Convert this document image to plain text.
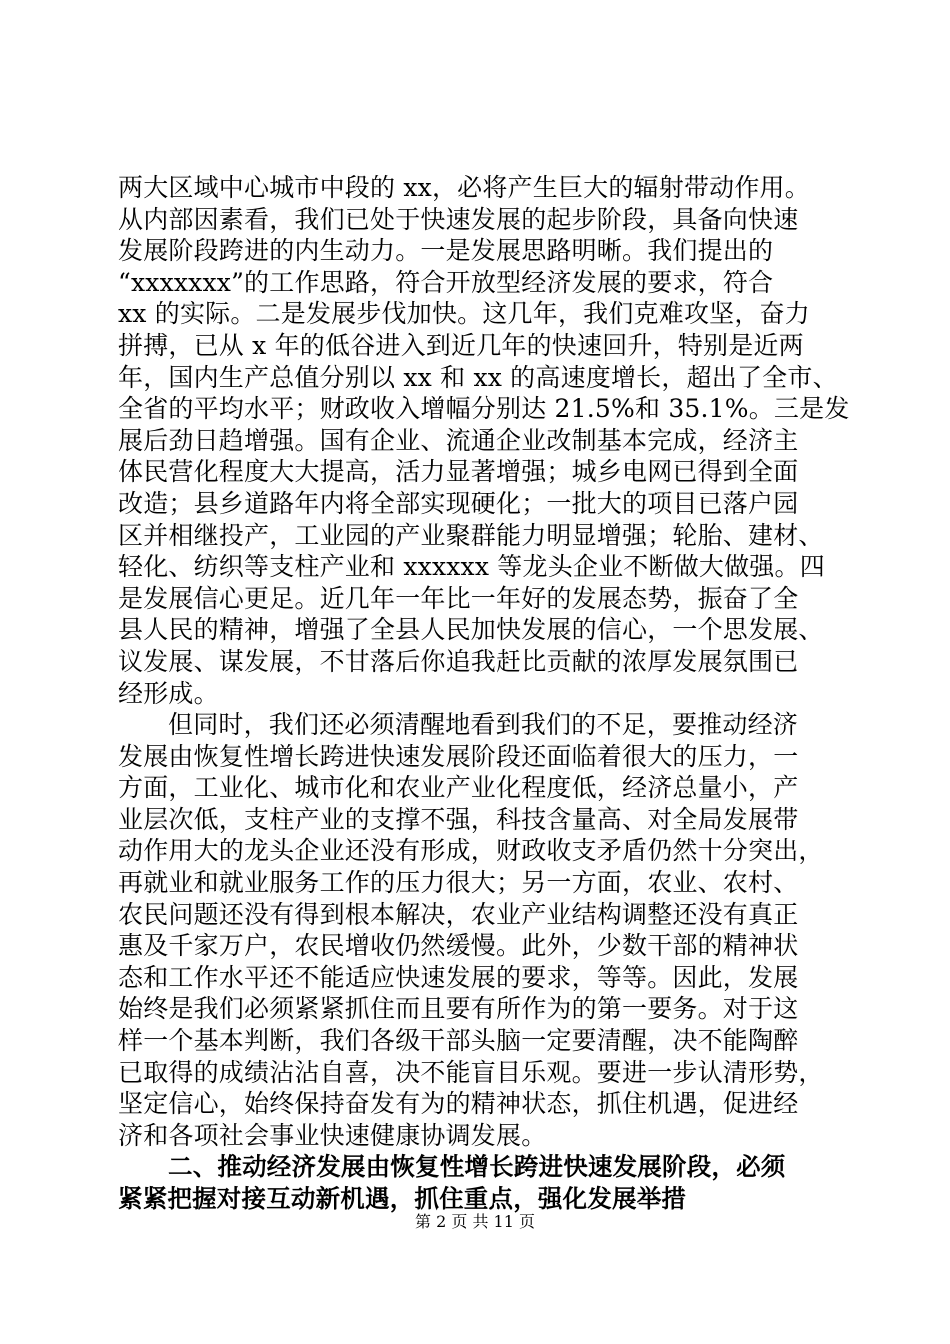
两大区域中心城市中段的 xx，必将产生巨大的辐射带动作用。
从内部因素看，我们已处于快速发展的起步阶段，具备向快速
发展阶段跨进的内生动力。一是发展思路明晰。我们提出的
“xxxxxxx”的工作思路，符合开放型经济发展的要求，符合
xx 的实际。二是发展步伐加快。这几年，我们克难攻坚，奋力
拼搏，已从 x 年的低谷进入到近几年的快速回升，特别是近两
年，国内生产总值分别以 xx 和 xx 的高速度增长，超出了全市、
全省的平均水平；财政收入增幅分别达 21.5%和 35.1%。三是发
展后劲日趋增强。国有企业、流通企业改制基本完成，经济主
体民营化程度大大提高，活力显著增强；城乡电网已得到全面
改造；县乡道路年内将全部实现硬化；一批大的项目已落户园
区并相继投产，工业园的产业聚群能力明显增强；轮胎、建材、
轻化、纺织等支柱产业和 xxxxxx 等龙头企业不断做大做强。四
是发展信心更足。近几年一年比一年好的发展态势，振奋了全
县人民的精神，增强了全县人民加快发展的信心，一个思发展、
议发展、谋发展，不甘落后你追我赶比贡献的浓厚发展氛围已
经形成。
但同时，我们还必须清醒地看到我们的不足，要推动经济
发展由恢复性增长跨进快速发展阶段还面临着很大的压力，一
方面，工业化、城市化和农业产业化程度低，经济总量小，产
业层次低，支柱产业的支撑不强，科技含量高、对全局发展带
动作用大的龙头企业还没有形成，财政收支矛盾仍然十分突出，
再就业和就业服务工作的压力很大；另一方面，农业、农村、
农民问题还没有得到根本解决，农业产业结构调整还没有真正
惠及千家万户，农民增收仍然缓慢。此外，少数干部的精神状
态和工作水平还不能适应快速发展的要求，等等。因此，发展
始终是我们必须紧紧抓住而且要有所作为的第一要务。对于这
样一个基本判断，我们各级干部头脑一定要清醒，决不能陶醉
已取得的成绩沾沾自喜，决不能盲目乐观。要进一步认清形势，
坚定信心，始终保持奋发有为的精神状态，抓住机遇，促进经
济和各项社会事业快速健康协调发展。
二、推动经济发展由恢复性增长跨进快速发展阶段，必须
紧紧把握对接互动新机遇，抓住重点，强化发展举措
第 2 页 共 11 页
